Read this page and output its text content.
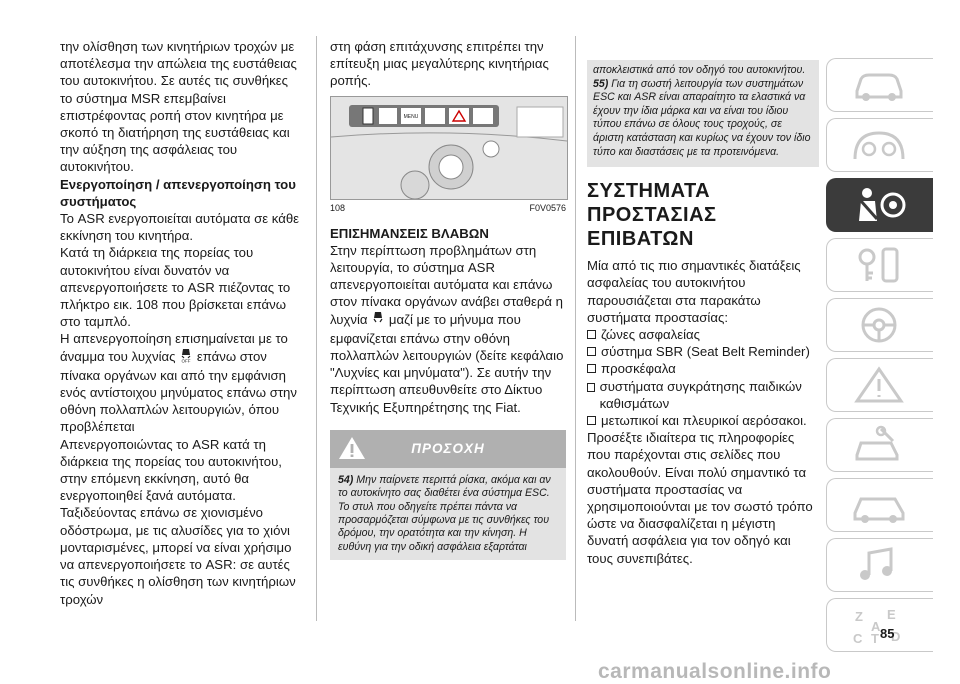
την ολίσθηση των κινητήριων τροχών με αποτέλεσμα την απώλεια της ευστάθειας του αυτοκινήτου. Σε αυτές τις συνθήκες το σύστημα MSR επεμβαίνει επιστρέφοντας ροπή στον κινητήρα με σκοπό τη διατήρηση της ευστάθειας και την αύξηση της ασφάλειας του αυτοκινήτου.

Ενεργοποίηση / απενεργοποίηση του συστήματος

Το ASR ενεργοποιείται αυτόματα σε κάθε εκκίνηση του κινητήρα.

Κατά τη διάρκεια της πορείας του αυτοκινήτου είναι δυνατόν να απενεργοποιήσετε το ASR πιέζοντας το πλήκτρο εικ. 108 που βρίσκεται επάνω στο ταμπλό.

Η απενεργοποίηση επισημαίνεται με το άναμμα του λυχνίας OFF επάνω στον πίνακα οργάνων και από την εμφάνιση ενός αντίστοιχου μηνύματος επάνω στην οθόνη πολλαπλών λειτουργιών, όπου προβλέπεται

Απενεργοποιώντας το ASR κατά τη διάρκεια της πορείας του αυτοκινήτου, στην επόμενη εκκίνηση, αυτό θα ενεργοποιηθεί ξανά αυτόματα.

Ταξιδεύοντας επάνω σε χιονισμένο οδόστρωμα, με τις αλυσίδες για το χιόνι μονταρισμένες, μπορεί να είναι χρήσιμο να απενεργοποιήσετε το ASR: σε αυτές τις συνθήκες η ολίσθηση των κινητήριων τροχών

στη φάση επιτάχυνσης επιτρέπει την επίτευξη μιας μεγαλύτερης κινητήριας ροπής.

MENU
108	F0V0576

ΕΠΙΣΗΜΑΝΣΕΙΣ ΒΛΑΒΩΝ

Στην περίπτωση προβλημάτων στη λειτουργία, το σύστημα ASR απενεργοποιείται αυτόματα και επάνω στον πίνακα οργάνων ανάβει σταθερά η λυχνία μαζί με το μήνυμα που εμφανίζεται επάνω στην οθόνη πολλαπλών λειτουργιών (δείτε κεφάλαιο "Λυχνίες και μηνύματα"). Σε αυτήν την περίπτωση απευθυνθείτε στο Δίκτυο Τεχνικής Εξυπηρέτησης της Fiat.

ΠΡΟΣΟΧΗ
54) Μην παίρνετε περιττά ρίσκα, ακόμα και αν το αυτοκίνητο σας διαθέτει ένα σύστημα ESC. Το στυλ που οδηγείτε πρέπει πάντα να προσαρμόζεται σύμφωνα με τις συνθήκες του δρόμου, την ορατότητα και την κίνηση. Η ευθύνη για την οδική ασφάλεια εξαρτάται
αποκλειστικά από τον οδηγό του αυτοκινήτου.
55) Για τη σωστή λειτουργία των συστημάτων ESC και ASR είναι απαραίτητο τα ελαστικά να έχουν την ίδια μάρκα και να είναι του ίδιου τύπου επάνω σε όλους τους τροχούς, σε άριστη κατάσταση και κυρίως να έχουν τον ίδιο τύπο και διαστάσεις με τα προτεινόμενα.
ΣΥΣΤΗΜΑΤΑ ΠΡΟΣΤΑΣΙΑΣ ΕΠΙΒΑΤΩΝ

Μία από τις πιο σημαντικές διατάξεις ασφαλείας του αυτοκινήτου παρουσιάζεται στα παρακάτω συστήματα προστασίας:

ζώνες ασφαλείας
σύστημα SBR (Seat Belt Reminder)
προσκέφαλα
συστήματα συγκράτησης παιδικών καθισμάτων
μετωπικοί και πλευρικοί αερόσακοι.

Προσέξτε ιδιαίτερα τις πληροφορίες που παρέχονται στις σελίδες που ακολουθούν. Είναι πολύ σημαντικό τα συστήματα προστασίας να χρησιμοποιούνται με τον σωστό τρόπο ώστε να διασφαλίζεται η μέγιστη δυνατή ασφάλεια για τον οδηγό και τους συνεπιβάτες.

Z E
A
C T D
85
carmanualsonline.info
